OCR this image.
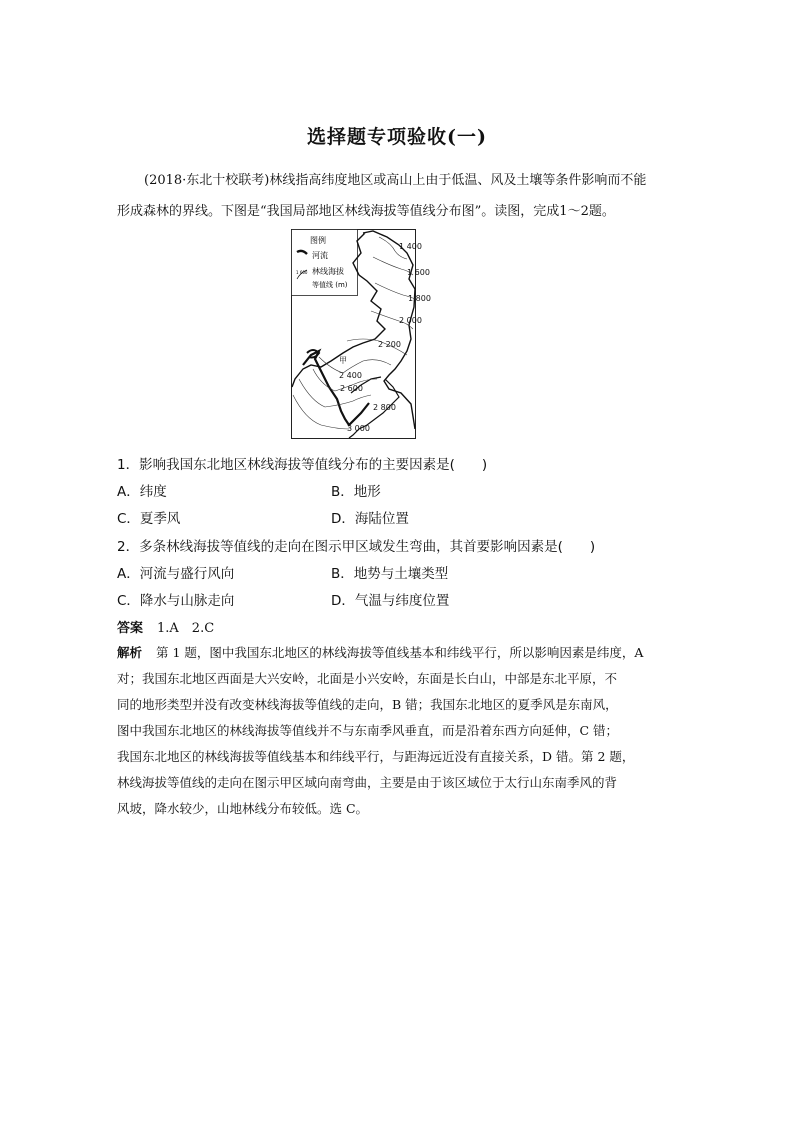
选择题专项验收(一)
(2018·东北十校联考)林线指高纬度地区或高山上由于低温、风及土壤等条件影响而不能
形成森林的界线。下图是“我国局部地区林线海拔等值线分布图”。读图，完成1～2题。
图例
河流
1 600 林线海拔
等值线 (m)
1 400
1 600
1 800
2 000
2 200
2 400
2 600
2 800
3 000
甲
1．影响我国东北地区林线海拔等值线分布的主要因素是(　　)
A．纬度	B．地形
C．夏季风	D．海陆位置
2．多条林线海拔等值线的走向在图示甲区域发生弯曲，其首要影响因素是(　　)
A．河流与盛行风向	B．地势与土壤类型
C．降水与山脉走向	D．气温与纬度位置
答案 1.A　2.C
解析 第 1 题，图中我国东北地区的林线海拔等值线基本和纬线平行，所以影响因素是纬度，A
对；我国东北地区西面是大兴安岭，北面是小兴安岭，东面是长白山，中部是东北平原，不
同的地形类型并没有改变林线海拔等值线的走向，B 错；我国东北地区的夏季风是东南风，
图中我国东北地区的林线海拔等值线并不与东南季风垂直，而是沿着东西方向延伸，C 错；
我国东北地区的林线海拔等值线基本和纬线平行，与距海远近没有直接关系，D 错。第 2 题，
林线海拔等值线的走向在图示甲区域向南弯曲，主要是由于该区域位于太行山东南季风的背
风坡，降水较少，山地林线分布较低。选 C。
